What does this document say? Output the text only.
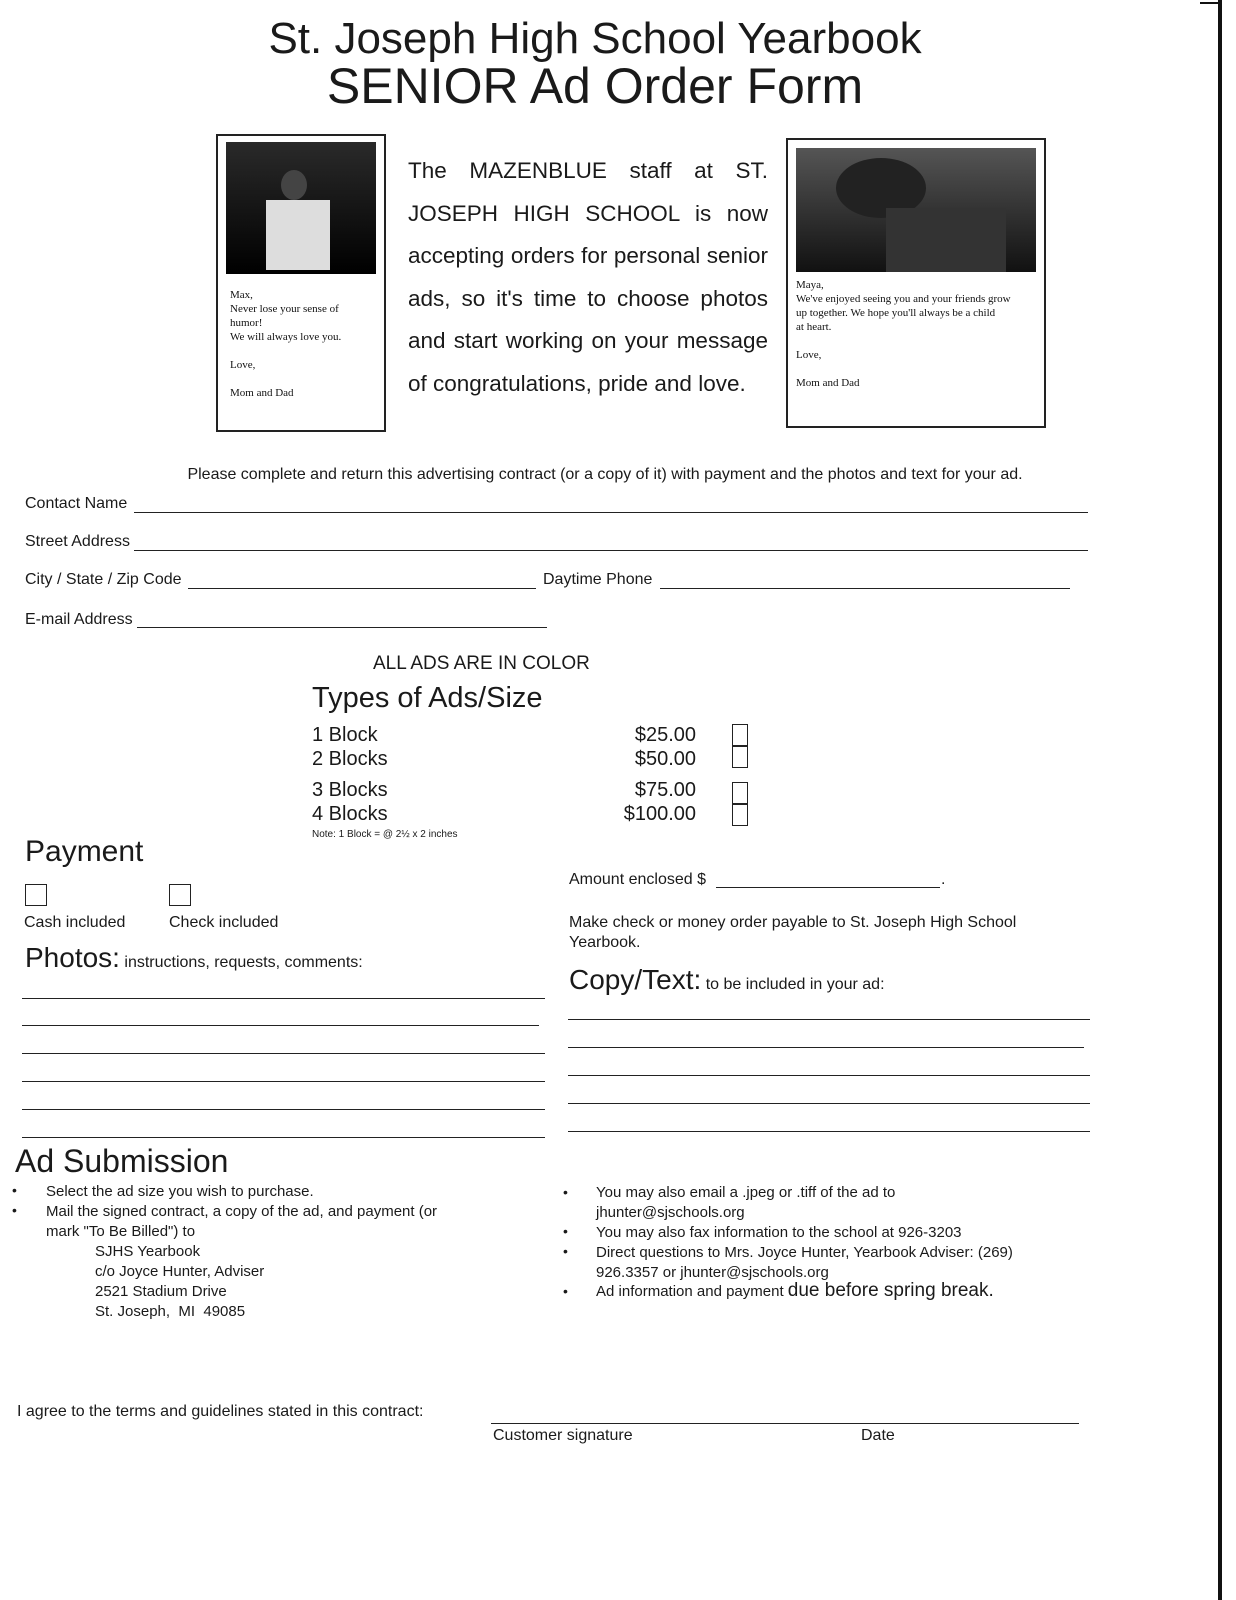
St. Joseph High School Yearbook
SENIOR Ad Order Form
Max,
Never lose your sense of
humor!
We will always love you.

Love,

Mom and Dad
The MAZENBLUE staff at ST. JOSEPH HIGH SCHOOL is now accepting orders for personal senior ads, so it's time to choose photos and start working on your message of congratulations, pride and love.
Maya,
We've enjoyed seeing you and your friends grow
up together. We hope you'll always be a child
at heart.

Love,

Mom and Dad
Please complete and return this advertising contract (or a copy of it) with payment and the photos and text for your ad.
Contact Name
Street Address
City / State / Zip Code	Daytime Phone
E-mail Address
ALL ADS ARE IN COLOR
Types of Ads/Size
1 Block	$25.00
2 Blocks	$50.00
3 Blocks	$75.00
4 Blocks	$100.00
Note: 1 Block = @ 2½ x 2 inches
Payment
Cash included	Check included
Amount enclosed $	.
Make check or money order payable to St. Joseph High School Yearbook.
Photos: instructions, requests, comments:
Copy/Text: to be included in your ad:
Ad Submission
• Select the ad size you wish to purchase.
• Mail the signed contract, a copy of the ad, and payment (or mark "To Be Billed") to
SJHS Yearbook
c/o Joyce Hunter, Adviser
2521 Stadium Drive
St. Joseph,  MI  49085
• You may also email a .jpeg or .tiff of the ad to jhunter@sjschools.org
• You may also fax information to the school at 926-3203
• Direct questions to Mrs. Joyce Hunter, Yearbook Adviser: (269) 926.3357 or jhunter@sjschools.org
• Ad information and payment due before spring break.
I agree to the terms and guidelines stated in this contract:
Customer signature	Date
